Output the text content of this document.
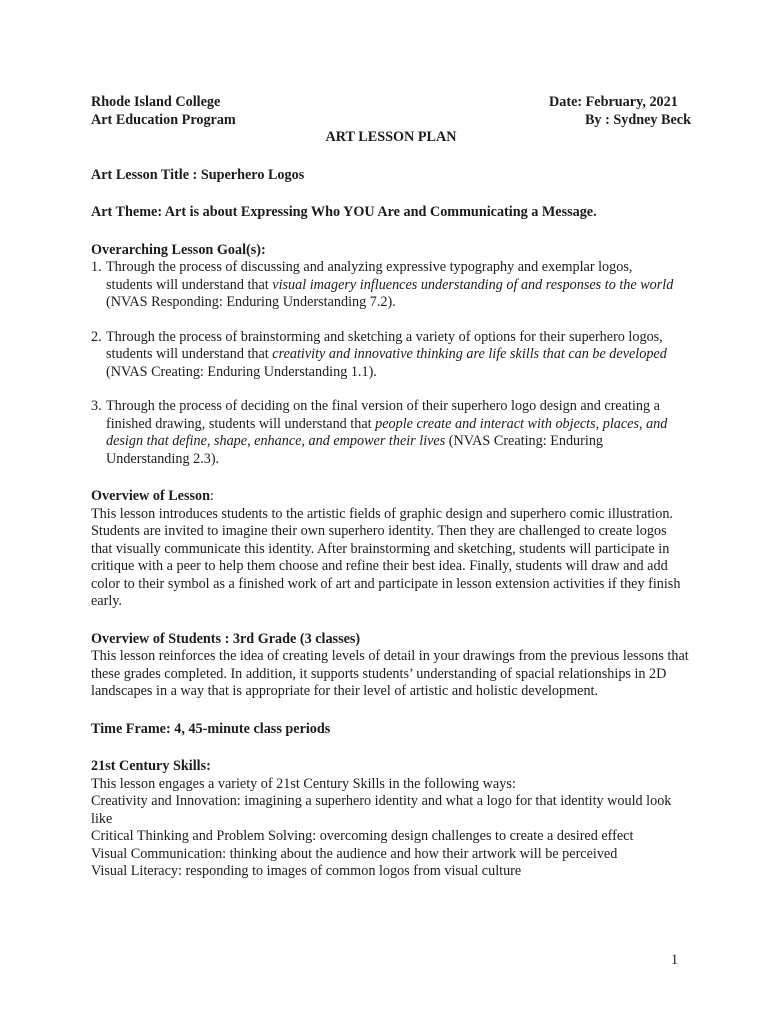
Rhode Island College	Date: February, 2021
Art Education Program	By : Sydney Beck
ART LESSON PLAN
Art Lesson Title : Superhero Logos
Art Theme: Art is about Expressing Who YOU Are and Communicating a Message.
Overarching Lesson Goal(s):
1. Through the process of discussing and analyzing expressive typography and exemplar logos, students will understand that visual imagery influences understanding of and responses to the world (NVAS Responding: Enduring Understanding 7.2).
2. Through the process of brainstorming and sketching a variety of options for their superhero logos, students will understand that creativity and innovative thinking are life skills that can be developed (NVAS Creating: Enduring Understanding 1.1).
3. Through the process of deciding on the final version of their superhero logo design and creating a finished drawing, students will understand that people create and interact with objects, places, and design that define, shape, enhance, and empower their lives (NVAS Creating: Enduring Understanding 2.3).
Overview of Lesson:

This lesson introduces students to the artistic fields of graphic design and superhero comic illustration. Students are invited to imagine their own superhero identity. Then they are challenged to create logos that visually communicate this identity. After brainstorming and sketching, students will participate in critique with a peer to help them choose and refine their best idea. Finally, students will draw and add color to their symbol as a finished work of art and participate in lesson extension activities if they finish early.

Overview of Students : 3rd Grade (3 classes)

This lesson reinforces the idea of creating levels of detail in your drawings from the previous lessons that these grades completed. In addition, it supports students’ understanding of spacial relationships in 2D landscapes in a way that is appropriate for their level of artistic and holistic development.

Time Frame: 4, 45-minute class periods
21st Century Skills:

This lesson engages a variety of 21st Century Skills in the following ways:

Creativity and Innovation: imagining a superhero identity and what a logo for that identity would look like

Critical Thinking and Problem Solving: overcoming design challenges to create a desired effect

Visual Communication: thinking about the audience and how their artwork will be perceived

Visual Literacy: responding to images of common logos from visual culture

1
